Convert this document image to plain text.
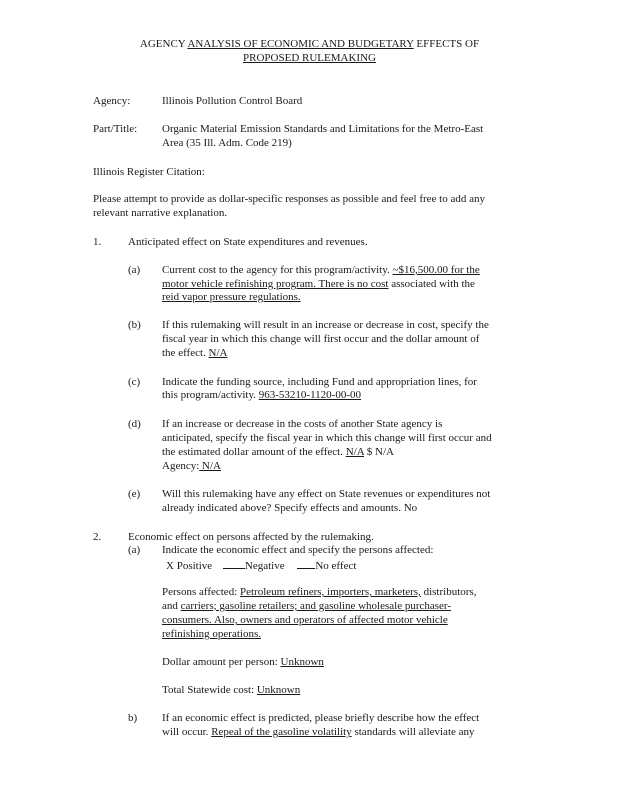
AGENCY ANALYSIS OF ECONOMIC AND BUDGETARY EFFECTS OF
PROPOSED RULEMAKING
Agency:	Illinois Pollution Control Board
Part/Title: Organic Material Emission Standards and Limitations for the Metro-East
Area (35 Ill. Adm. Code 219)
Illinois Register Citation:
Please attempt to provide as dollar-specific responses as possible and feel free to add any
relevant narrative explanation.
1. Anticipated effect on State expenditures and revenues.
(a) Current cost to the agency for this program/activity. ~$16,500.00 for the
motor vehicle refinishing program. There is no cost associated with the
reid vapor pressure regulations.
(b) If this rulemaking will result in an increase or decrease in cost, specify the
fiscal year in which this change will first occur and the dollar amount of
the effect. N/A
(c) Indicate the funding source, including Fund and appropriation lines, for
this program/activity. 963-53210-1120-00-00
(d) If an increase or decrease in the costs of another State agency is
anticipated, specify the fiscal year in which this change will first occur and
the estimated dollar amount of the effect. N/A $ N/A
Agency: N/A
(e) Will this rulemaking have any effect on State revenues or expenditures not
already indicated above? Specify effects and amounts. No
2. Economic effect on persons affected by the rulemaking.
(a) Indicate the economic effect and specify the persons affected:
X Positive	Negative	No effect
Persons affected: Petroleum refiners, importers, marketers, distributors,
and carriers; gasoline retailers; and gasoline wholesale purchaser-
consumers. Also, owners and operators of affected motor vehicle
refinishing operations.
Dollar amount per person: Unknown
Total Statewide cost: Unknown
b) If an economic effect is predicted, please briefly describe how the effect
will occur. Repeal of the gasoline volatility standards will alleviate any
